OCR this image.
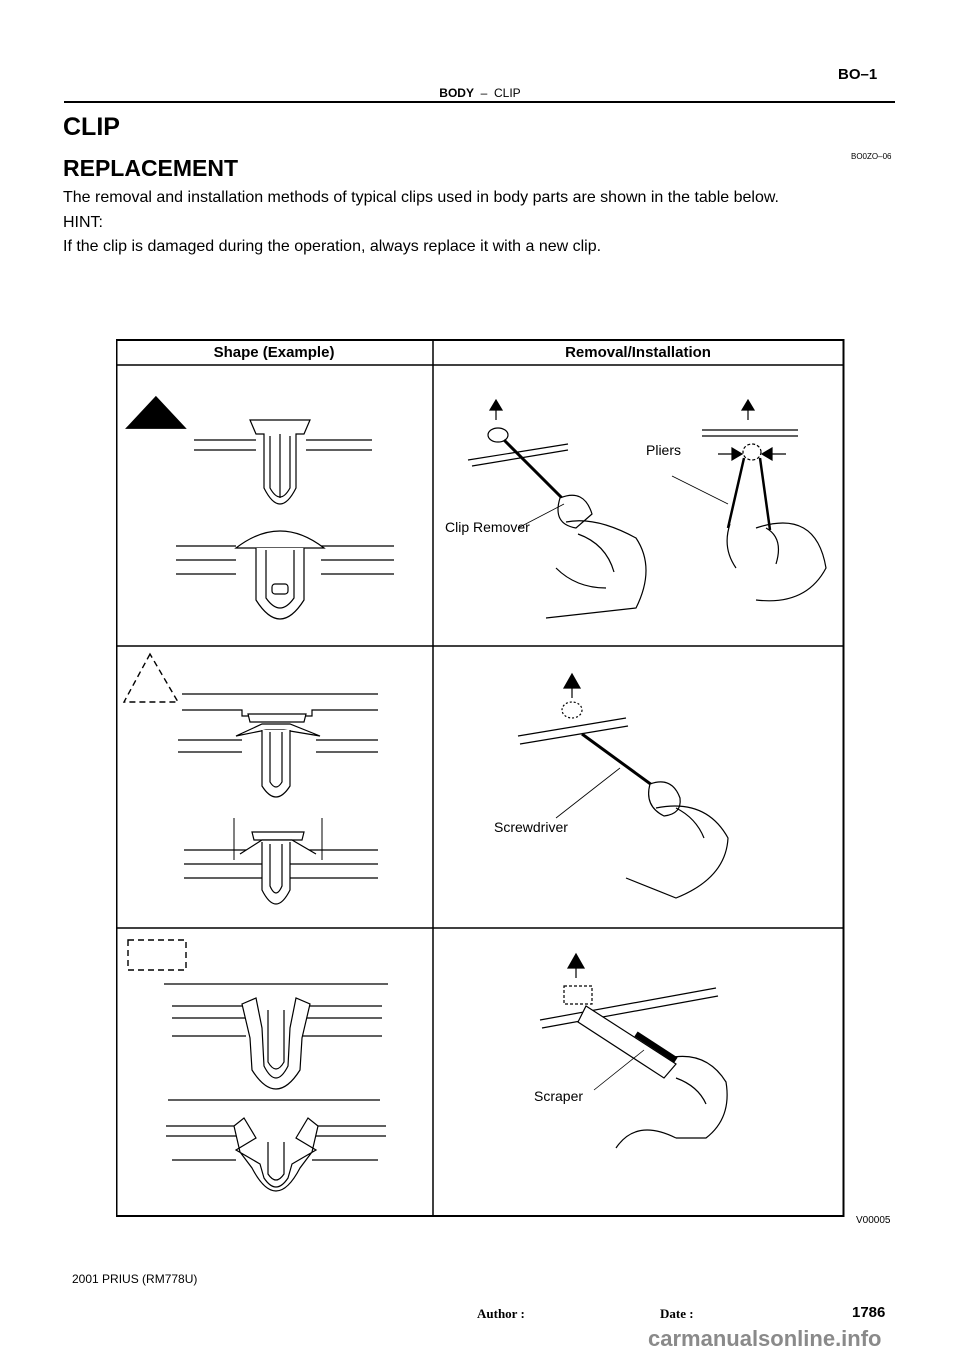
BODY – CLIP
BO–1
CLIP
REPLACEMENT	BO0ZO–06
The removal and installation methods of typical clips used in body parts are shown in the table below.
HINT:
If the clip is damaged during the operation, always replace it with a new clip.
Shape (Example)	Removal/Installation
Pliers
Clip Remover
Screwdriver
Scraper
V00005
2001 PRIUS (RM778U)
Author :	Date :	1786
carmanualsonline.info
